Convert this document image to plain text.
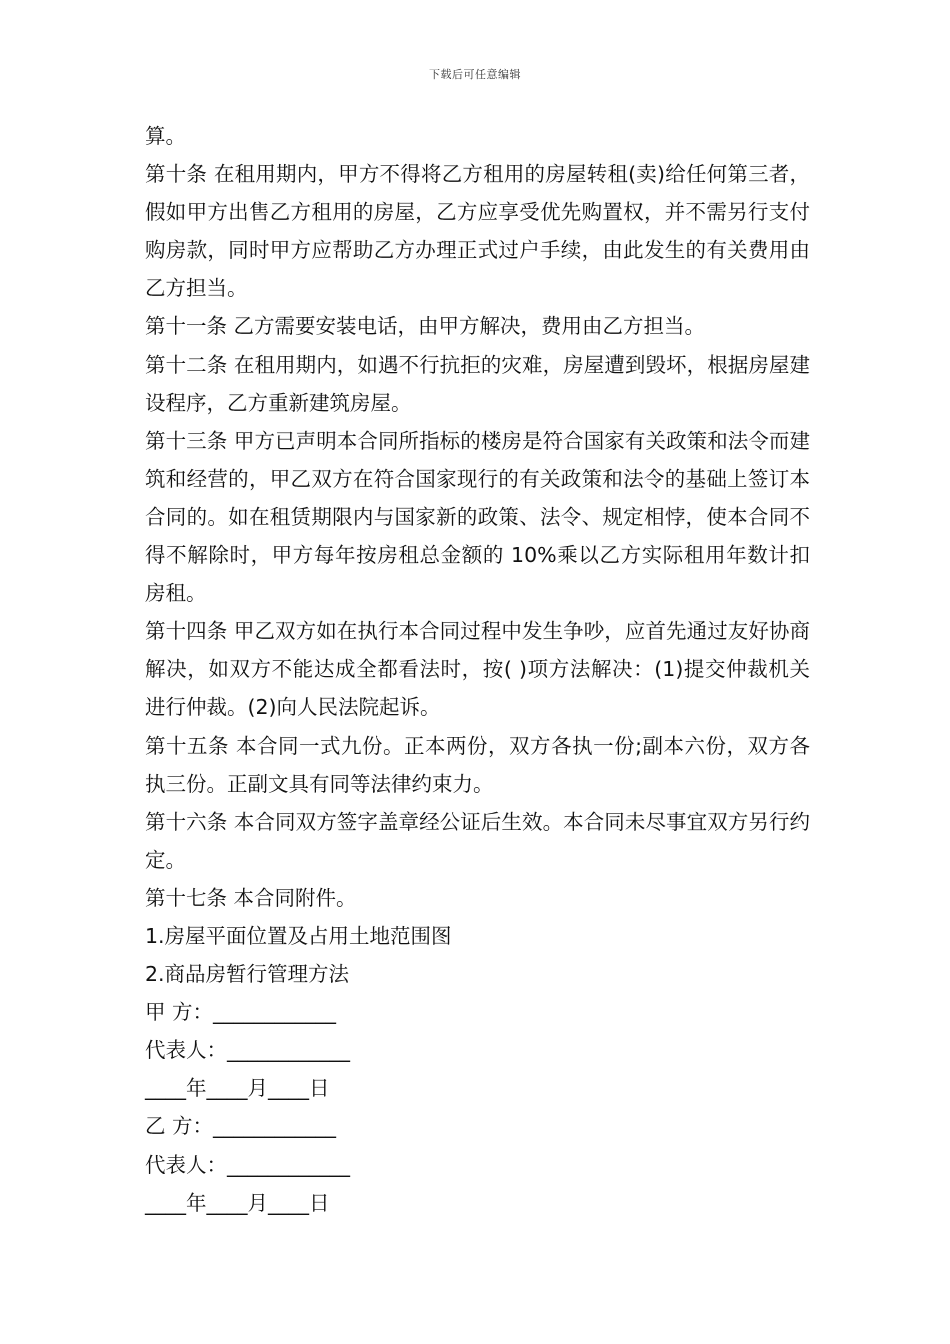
下载后可任意编辑

算。

第十条 在租用期内，甲方不得将乙方租用的房屋转租(卖)给任何第三者，假如甲方出售乙方租用的房屋，乙方应享受优先购置权，并不需另行支付购房款，同时甲方应帮助乙方办理正式过户手续，由此发生的有关费用由乙方担当。

第十一条 乙方需要安装电话，由甲方解决，费用由乙方担当。

第十二条 在租用期内，如遇不行抗拒的灾难，房屋遭到毁坏，根据房屋建设程序，乙方重新建筑房屋。

第十三条 甲方已声明本合同所指标的楼房是符合国家有关政策和法令而建筑和经营的，甲乙双方在符合国家现行的有关政策和法令的基础上签订本合同的。如在租赁期限内与国家新的政策、法令、规定相悖，使本合同不得不解除时，甲方每年按房租总金额的 10%乘以乙方实际租用年数计扣房租。

第十四条 甲乙双方如在执行本合同过程中发生争吵，应首先通过友好协商解决，如双方不能达成全都看法时，按( )项方法解决：(1)提交仲裁机关进行仲裁。(2)向人民法院起诉。

第十五条 本合同一式九份。正本两份，双方各执一份;副本六份，双方各执三份。正副文具有同等法律约束力。

第十六条 本合同双方签字盖章经公证后生效。本合同未尽事宜双方另行约定。

第十七条 本合同附件。

1.房屋平面位置及占用土地范围图

2.商品房暂行管理方法

甲 方：____________

代表人：____________

____年____月____日

乙 方：____________

代表人：____________

____年____月____日
